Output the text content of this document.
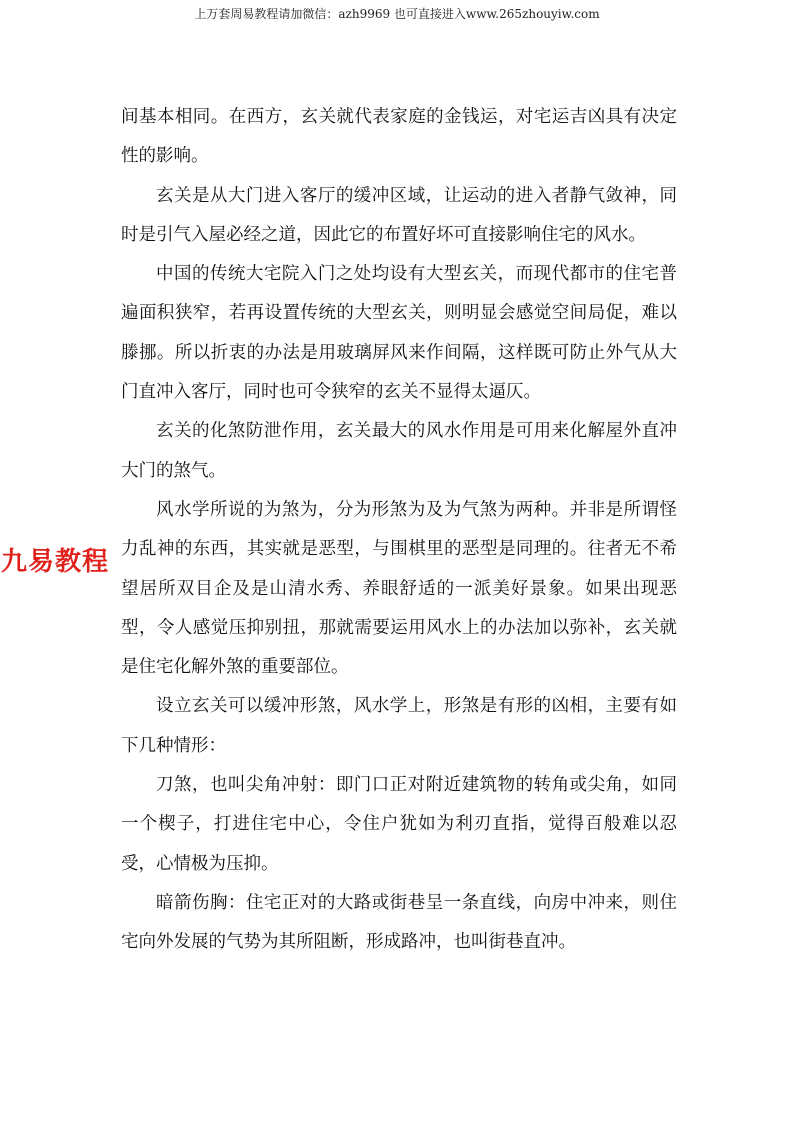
上万套周易教程请加微信：azh9969 也可直接进入www.265zhouyiw.com
九易教程

间基本相同。在西方，玄关就代表家庭的金钱运，对宅运吉凶具有决定性的影响。

玄关是从大门进入客厅的缓冲区域，让运动的进入者静气敛神，同时是引气入屋必经之道，因此它的布置好坏可直接影响住宅的风水。

中国的传统大宅院入门之处均设有大型玄关，而现代都市的住宅普遍面积狭窄，若再设置传统的大型玄关，则明显会感觉空间局促，难以滕挪。所以折衷的办法是用玻璃屏风来作间隔，这样既可防止外气从大门直冲入客厅，同时也可令狭窄的玄关不显得太逼仄。

玄关的化煞防泄作用，玄关最大的风水作用是可用来化解屋外直冲大门的煞气。

风水学所说的为煞为，分为形煞为及为气煞为两种。并非是所谓怪力乱神的东西，其实就是恶型，与围棋里的恶型是同理的。往者无不希望居所双目企及是山清水秀、养眼舒适的一派美好景象。如果出现恶型，令人感觉压抑别扭，那就需要运用风水上的办法加以弥补，玄关就是住宅化解外煞的重要部位。

设立玄关可以缓冲形煞，风水学上，形煞是有形的凶相，主要有如下几种情形：

刀煞，也叫尖角冲射：即门口正对附近建筑物的转角或尖角，如同一个楔子，打进住宅中心，令住户犹如为利刃直指，觉得百般难以忍受，心情极为压抑。

暗箭伤胸：住宅正对的大路或街巷呈一条直线，向房中冲来，则住宅向外发展的气势为其所阻断，形成路冲，也叫街巷直冲。
